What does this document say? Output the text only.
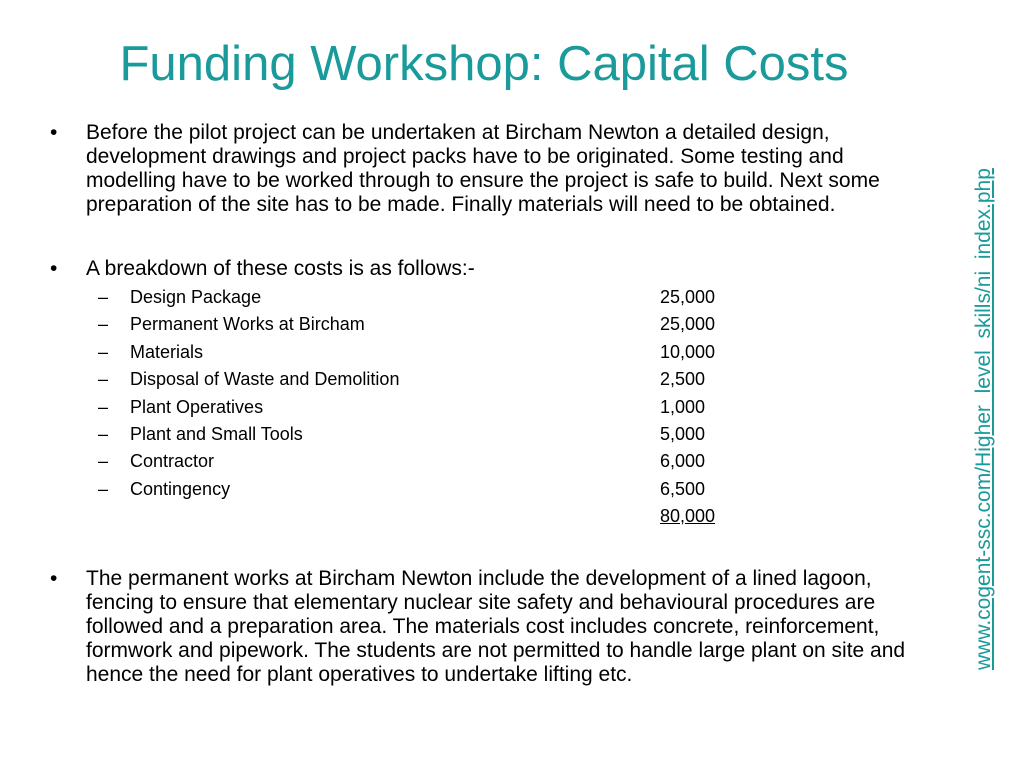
Funding Workshop: Capital Costs
• Before the pilot project can be undertaken at Bircham Newton a detailed design, development drawings and project packs have to be originated. Some testing and modelling have to be worked through to ensure the project is safe to build. Next some preparation of the site has to be made. Finally materials will need to be obtained.
• A breakdown of these costs is as follows:-
– Design Package	25,000
– Permanent Works at Bircham	25,000
– Materials	10,000
– Disposal of Waste and Demolition	2,500
– Plant Operatives	1,000
– Plant and Small Tools	5,000
– Contractor	6,000
– Contingency	6,500
80,000
• The permanent works at Bircham Newton include the development of a lined lagoon, fencing to ensure that elementary nuclear site safety and behavioural procedures are followed and a preparation area. The materials cost includes concrete, reinforcement, formwork and pipework. The students are not permitted to handle large plant on site and hence the need for plant operatives to undertake lifting etc.
www.cogent-ssc.com/Higher_level_skills/ni_index.php
